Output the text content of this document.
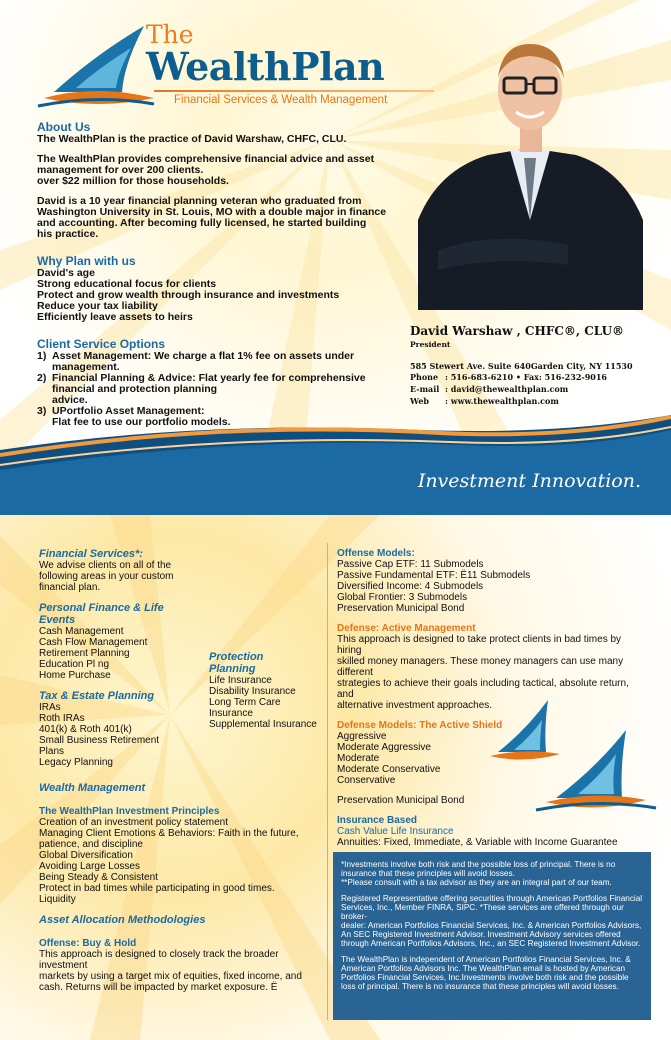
The
WealthPlan
Financial Services & Wealth Management
About Us

The WealthPlan is the practice of David Warshaw, CHFC, CLU.

The WealthPlan provides comprehensive financial advice and asset

management for over 200 clients.

over $22 million for those households.

David is a 10 year financial planning veteran who graduated from

Washington University in St. Louis, MO with a double major in finance

and accounting. After becoming fully licensed, he started building

his practice.

Why Plan with us

David's age

Strong educational focus for clients

Protect and grow wealth through insurance and investments

Reduce your tax liability

Efficiently leave assets to heirs

Client Service Options
1) Asset Management: We charge a flat 1% fee on assets under
management.
2) Financial Planning & Advice: Flat yearly fee for comprehensive
financial and protection planning
advice.
3) UPortfolio Asset Management:
Flat fee to use our portfolio models.
David Warshaw , CHFC®, CLU®
President
585 Stewert Ave. Suite 640Garden City, NY 11530
Phone : 516-683-6210 • Fax: 516-232-9016
E-mail : david@thewealthplan.com
Web	: www.thewealthplan.com
Investment Innovation.
Financial Services*:
We advise clients on all of the
following areas in your custom
financial plan.
Personal Finance & Life
Events
Cash Management
Cash Flow Management
Retirement Planning
Education Pl ng
Home Purchase
Tax & Estate Planning
IRAs
Roth IRAs
401(k) & Roth 401(k)
Small Business Retirement
Plans
Legacy Planning
Wealth Management
The WealthPlan Investment Principles
Creation of an investment policy statement
Managing Client Emotions & Behaviors: Faith in the future,
patience, and discipline
Global Diversification
Avoiding Large Losses
Being Steady & Consistent
Protect in bad times while participating in good times.
Liquidity
Asset Allocation Methodologies
Offense: Buy & Hold
This approach is designed to closely track the broader investment
markets by using a target mix of equities, fixed income, and
cash. Returns will be impacted by market exposure. Ë
Protection
Planning
Life Insurance
Disability Insurance
Long Term Care
Insurance
Supplemental Insurance
Offense Models:
Passive Cap ETF: 11 Submodels
Passive Fundamental ETF: Ë11 Submodels
Diversified Income: 4 Submodels
Global Frontier: 3 Submodels
Preservation Municipal Bond
Defense: Active Management
This approach is designed to take protect clients in bad times by hiring
skilled money managers. These money managers can use many different
strategies to achieve their goals including tactical, absolute return, and
alternative investment approaches.
Defense Models: The Active Shield
Aggressive
Moderate Aggressive
Moderate
Moderate Conservative
Conservative
Preservation Municipal Bond
Insurance Based
Cash Value Life Insurance
Annuities: Fixed, Immediate, & Variable with Income Guarantee

*Investments involve both risk and the possible loss of principal. There is no

insurance that these principles will avoid losses.

**Please consult with a tax advisor as they are an integral part of our team.

Registered Representative offering securities through American Portfolios Financial

Services, Inc., Member FINRA, SIPC. *These services are offered through our broker-

dealer: American Portfolios Financial Services, Inc. & American Portfolios Advisors,

An SEC Registered Investment Advisor. Investment Advisory services offered

through American Portfolios Advisors, Inc., an SEC Registered Investment Advisor.

The WealthPlan is independent of American Portfolios Financial Services, Inc. &

American Portfolios Advisors Inc. The WealthPlan email is hosted by American

Portfolios Financial Services, Inc.Investments involve both risk and the possible

loss of principal. There is no insurance that these principles will avoid losses.
